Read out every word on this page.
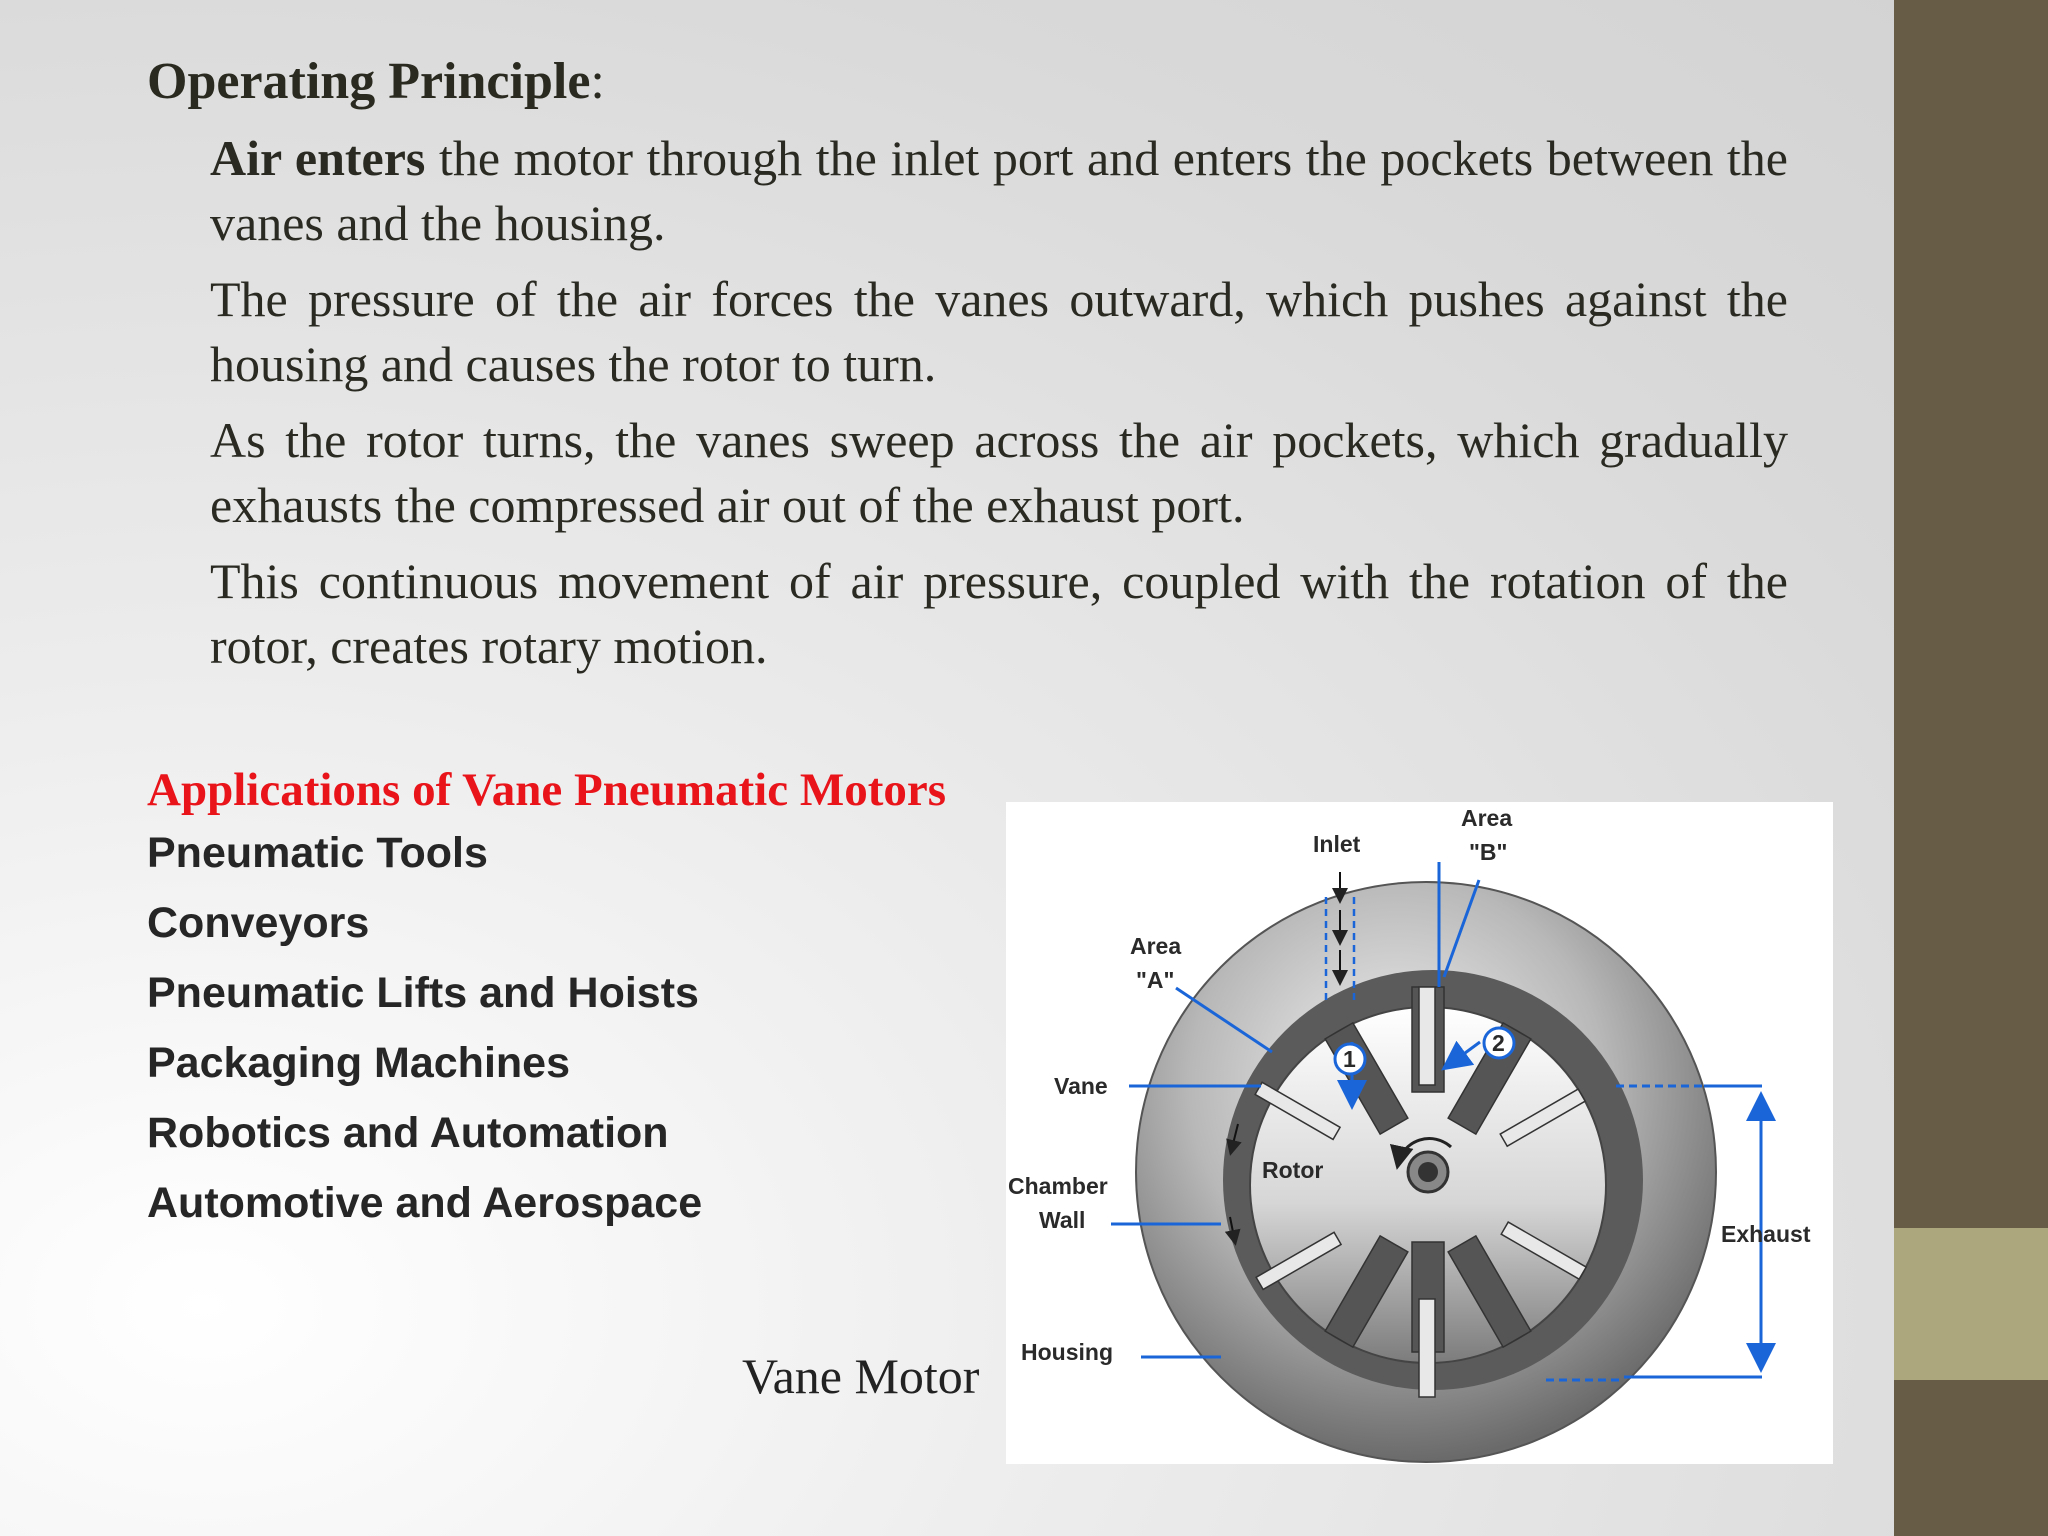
Operating Principle:
Air enters the motor through the inlet port and enters the pockets between the vanes and the housing.
The pressure of the air forces the vanes outward, which pushes against the housing and causes the rotor to turn.
As the rotor turns, the vanes sweep across the air pockets, which gradually exhausts the compressed air out of the exhaust port.
This continuous movement of air pressure, coupled with the rotation of the rotor, creates rotary motion.
Applications of Vane Pneumatic Motors
Pneumatic Tools
Conveyors
Pneumatic Lifts and Hoists
Packaging Machines
Robotics and Automation
Automotive and Aerospace
Vane Motor
1
2
Inlet
Area
"B"
Area
"A"
Vane
Chamber
Wall
Rotor
Exhaust
Housing
